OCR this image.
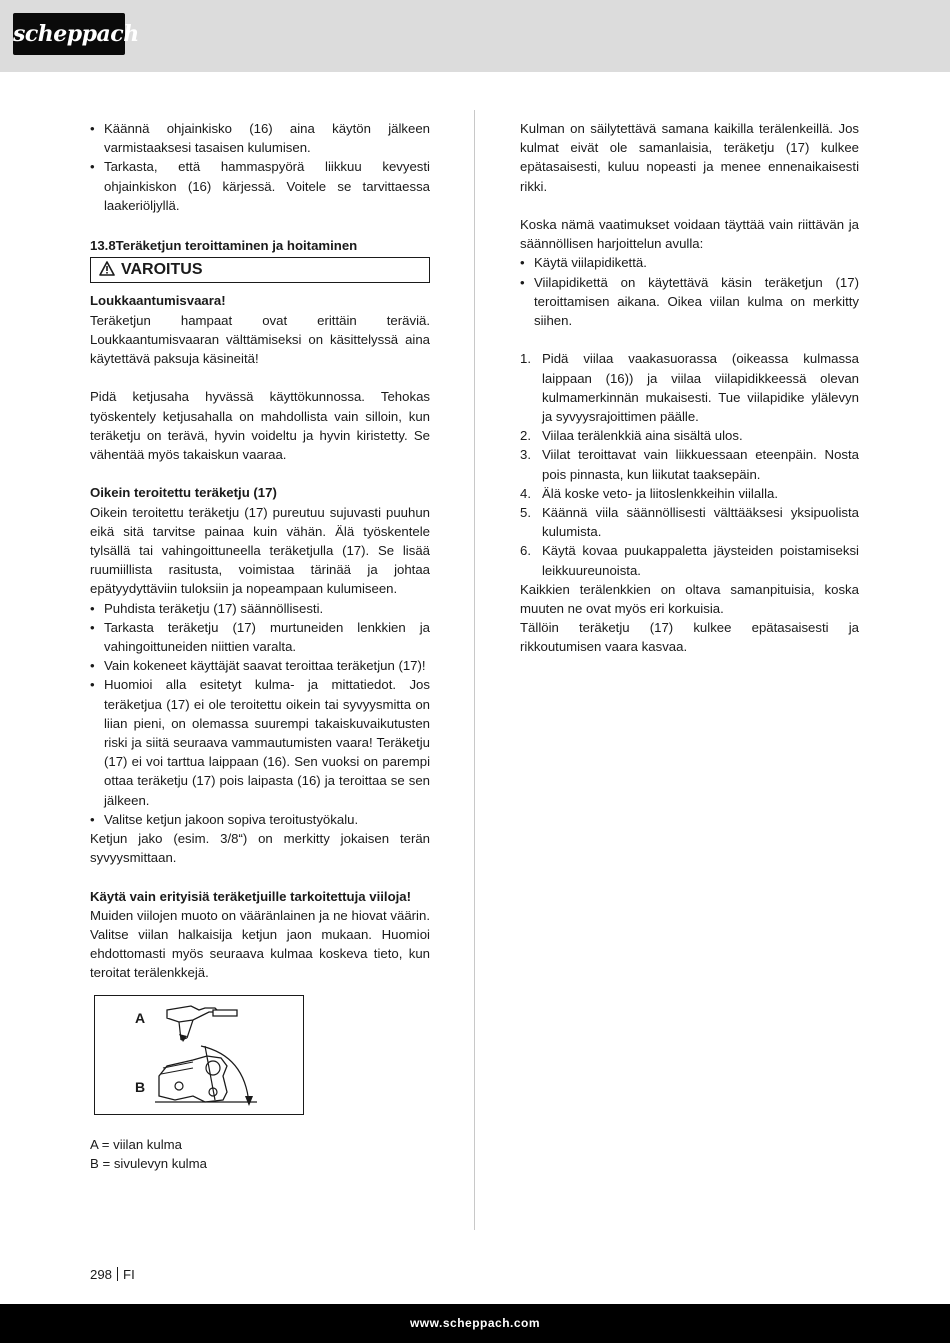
scheppach
• Käännä ohjainkisko (16) aina käytön jälkeen varmistaaksesi tasaisen kulumisen.
• Tarkasta, että hammaspyörä liikkuu kevyesti ohjainkiskon (16) kärjessä. Voitele se tarvittaessa laakeriöljyllä.
13.8Teräketjun teroittaminen ja hoitaminen
VAROITUS

Loukkaantumisvaara!

Teräketjun hampaat ovat erittäin teräviä. Loukkaantumisvaaran välttämiseksi on käsittelyssä aina käytettävä paksuja käsineitä!

Pidä ketjusaha hyvässä käyttökunnossa. Tehokas työskentely ketjusahalla on mahdollista vain silloin, kun teräketju on terävä, hyvin voideltu ja hyvin kiristetty. Se vähentää myös takaiskun vaaraa.

Oikein teroitettu teräketju (17)

Oikein teroitettu teräketju (17) pureutuu sujuvasti puuhun eikä sitä tarvitse painaa kuin vähän. Älä työskentele tylsällä tai vahingoittuneella teräketjulla (17). Se lisää ruumiillista rasitusta, voimistaa tärinää ja johtaa epätyydyttäviin tuloksiin ja nopeampaan kulumiseen.

• Puhdista teräketju (17) säännöllisesti.
• Tarkasta teräketju (17) murtuneiden lenkkien ja vahingoittuneiden niittien varalta.
• Vain kokeneet käyttäjät saavat teroittaa teräketjun (17)!
• Huomioi alla esitetyt kulma- ja mittatiedot. Jos teräketjua (17) ei ole teroitettu oikein tai syvyysmitta on liian pieni, on olemassa suurempi takaiskuvaikutusten riski ja siitä seuraava vammautumisten vaara! Teräketju (17) ei voi tarttua laippaan (16). Sen vuoksi on parempi ottaa teräketju (17) pois laipasta (16) ja teroittaa se sen jälkeen.
• Valitse ketjun jakoon sopiva teroitustyökalu.

Ketjun jako (esim. 3/8“) on merkitty jokaisen terän syvyysmittaan.

Käytä vain erityisiä teräketjuille tarkoitettuja viiloja!

Muiden viilojen muoto on vääränlainen ja ne hiovat väärin. Valitse viilan halkaisija ketjun jaon mukaan. Huomioi ehdottomasti myös seuraava kulmaa koskeva tieto, kun teroitat terälenkkejä.

A
B

A = viilan kulma

B = sivulevyn kulma

Kulman on säilytettävä samana kaikilla terälenkeillä. Jos kulmat eivät ole samanlaisia, teräketju (17) kulkee epätasaisesti, kuluu nopeasti ja menee ennenaikaisesti rikki.

Koska nämä vaatimukset voidaan täyttää vain riittävän ja säännöllisen harjoittelun avulla:

• Käytä viilapidikettä.
• Viilapidikettä on käytettävä käsin teräketjun (17) teroittamisen aikana. Oikea viilan kulma on merkitty siihen.
1. Pidä viilaa vaakasuorassa (oikeassa kulmassa laippaan (16)) ja viilaa viilapidikkeessä olevan kulmamerkinnän mukaisesti. Tue viilapidike ylälevyn ja syvyysrajoittimen päälle.
2. Viilaa terälenkkiä aina sisältä ulos.
3. Viilat teroittavat vain liikkuessaan eteenpäin. Nosta pois pinnasta, kun liikutat taaksepäin.
4. Älä koske veto- ja liitoslenkkeihin viilalla.
5. Käännä viila säännöllisesti välttääksesi yksipuolista kulumista.
6. Käytä kovaa puukappaletta jäysteiden poistamiseksi leikkuureunoista.

Kaikkien terälenkkien on oltava samanpituisia, koska muuten ne ovat myös eri korkuisia.

Tällöin teräketju (17) kulkee epätasaisesti ja rikkoutumisen vaara kasvaa.

298 FI
www.scheppach.com
